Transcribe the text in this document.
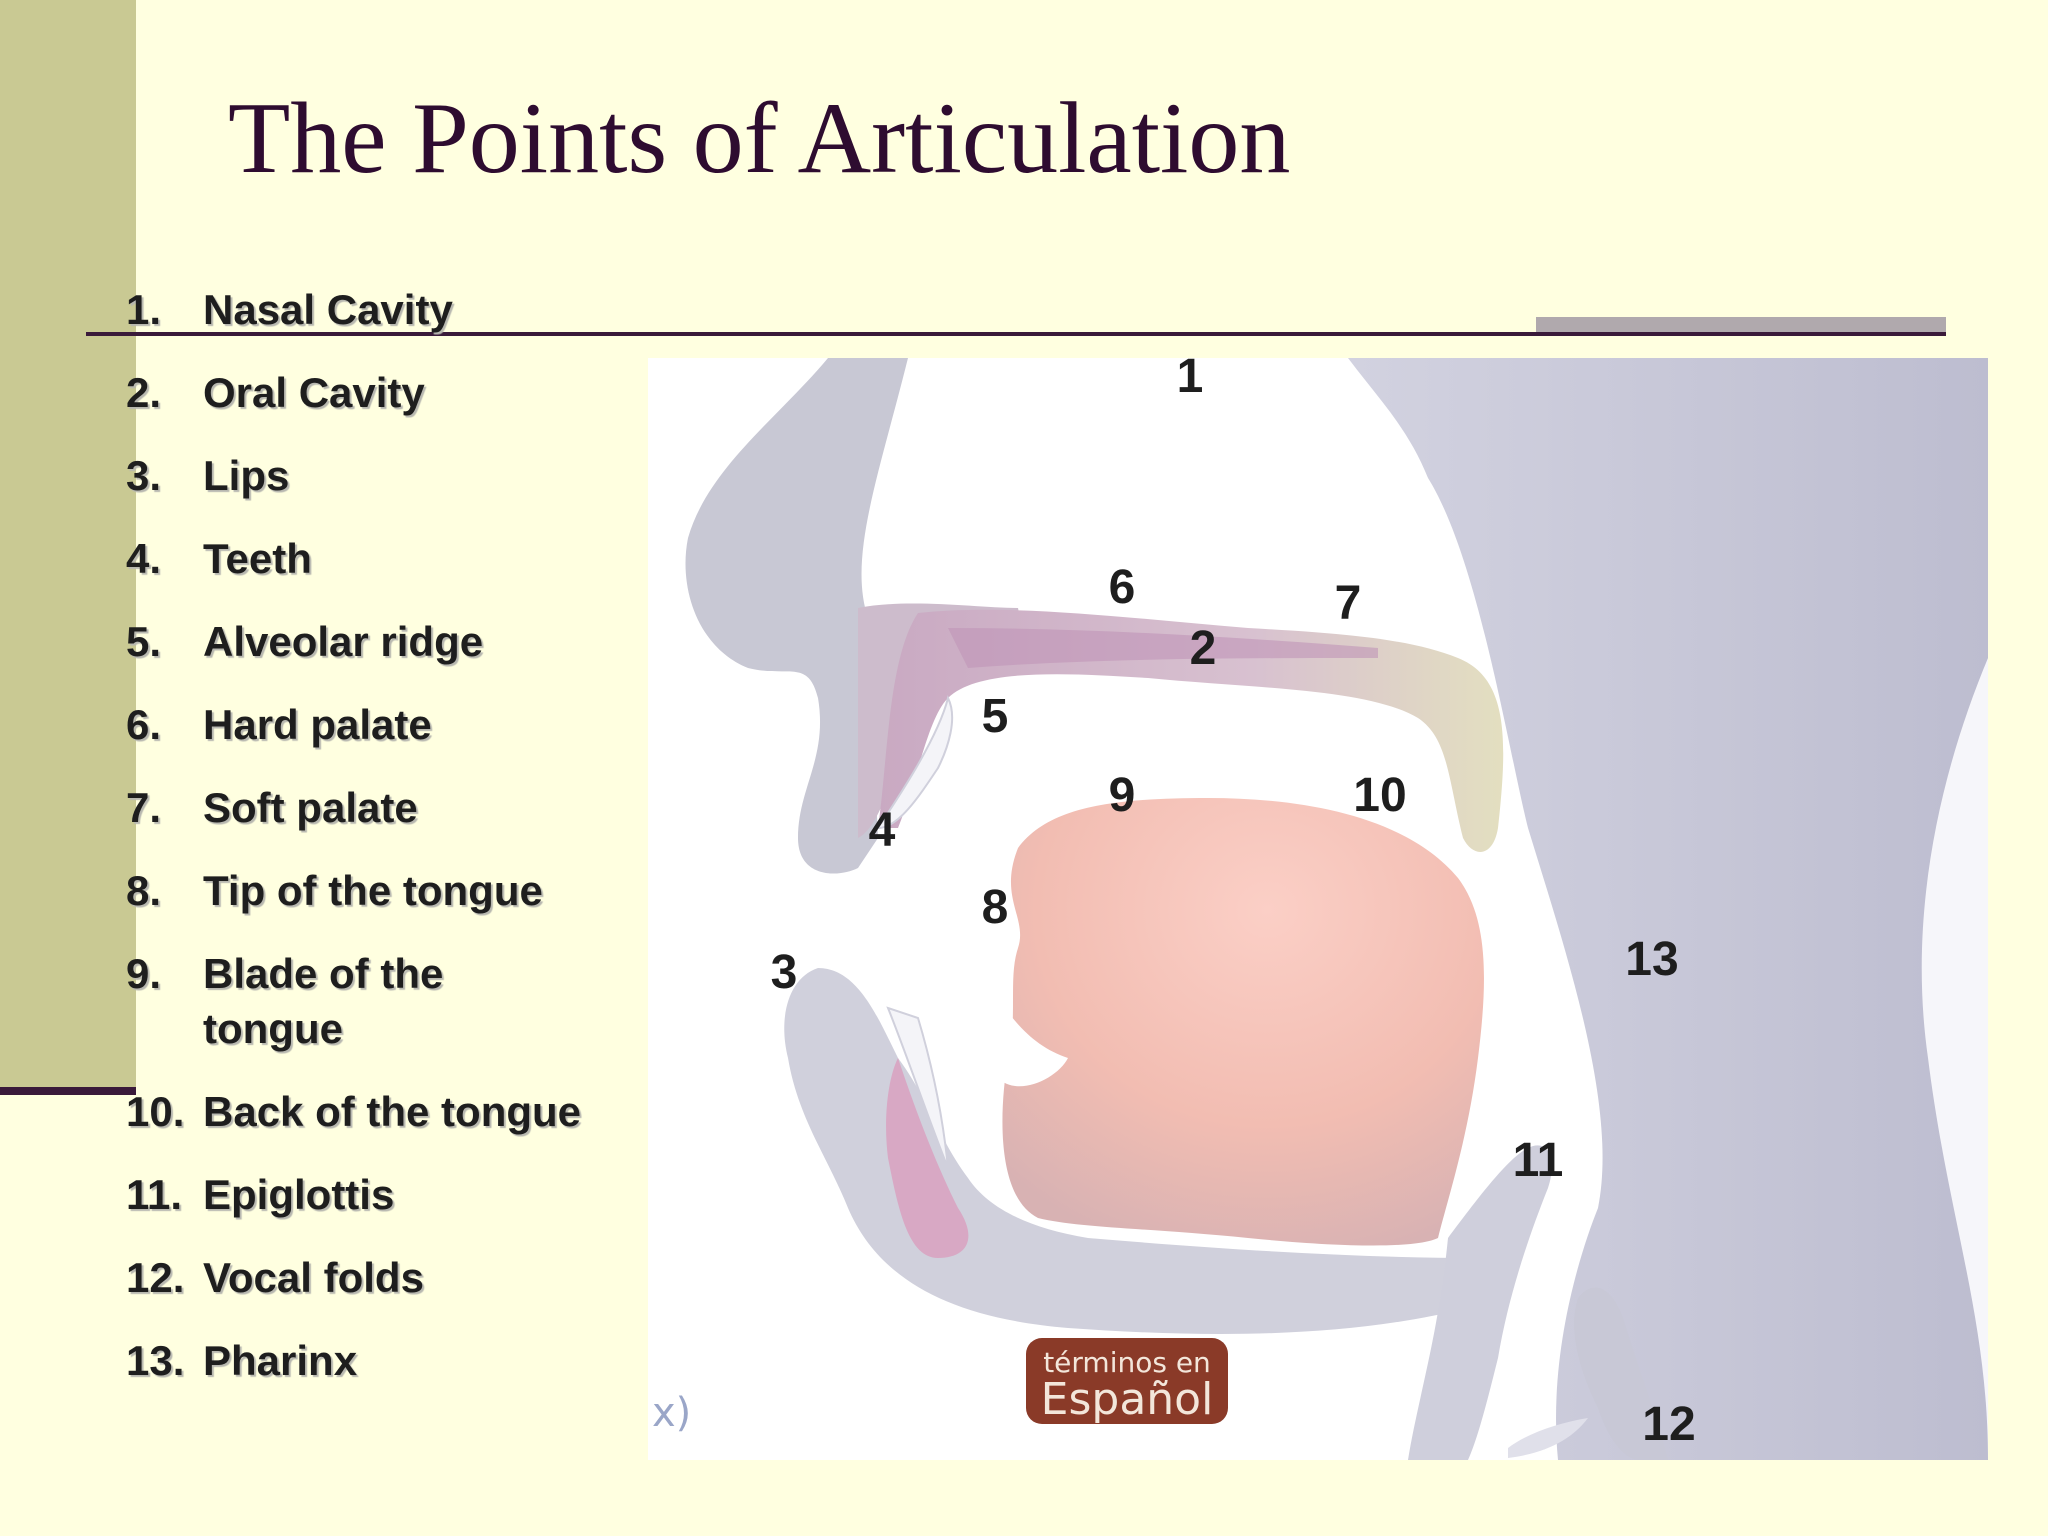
The Points of Articulation
1. Nasal Cavity
2. Oral Cavity
3. Lips
4. Teeth
5. Alveolar ridge
6. Hard palate
7. Soft palate
8. Tip of the tongue
9. Blade of the tongue
10. Back of the tongue
11. Epiglottis
12. Vocal folds
13. Pharinx	términos en
Español
x)
1
2
3
4
5
6	7
8
9	10
11
12
13
